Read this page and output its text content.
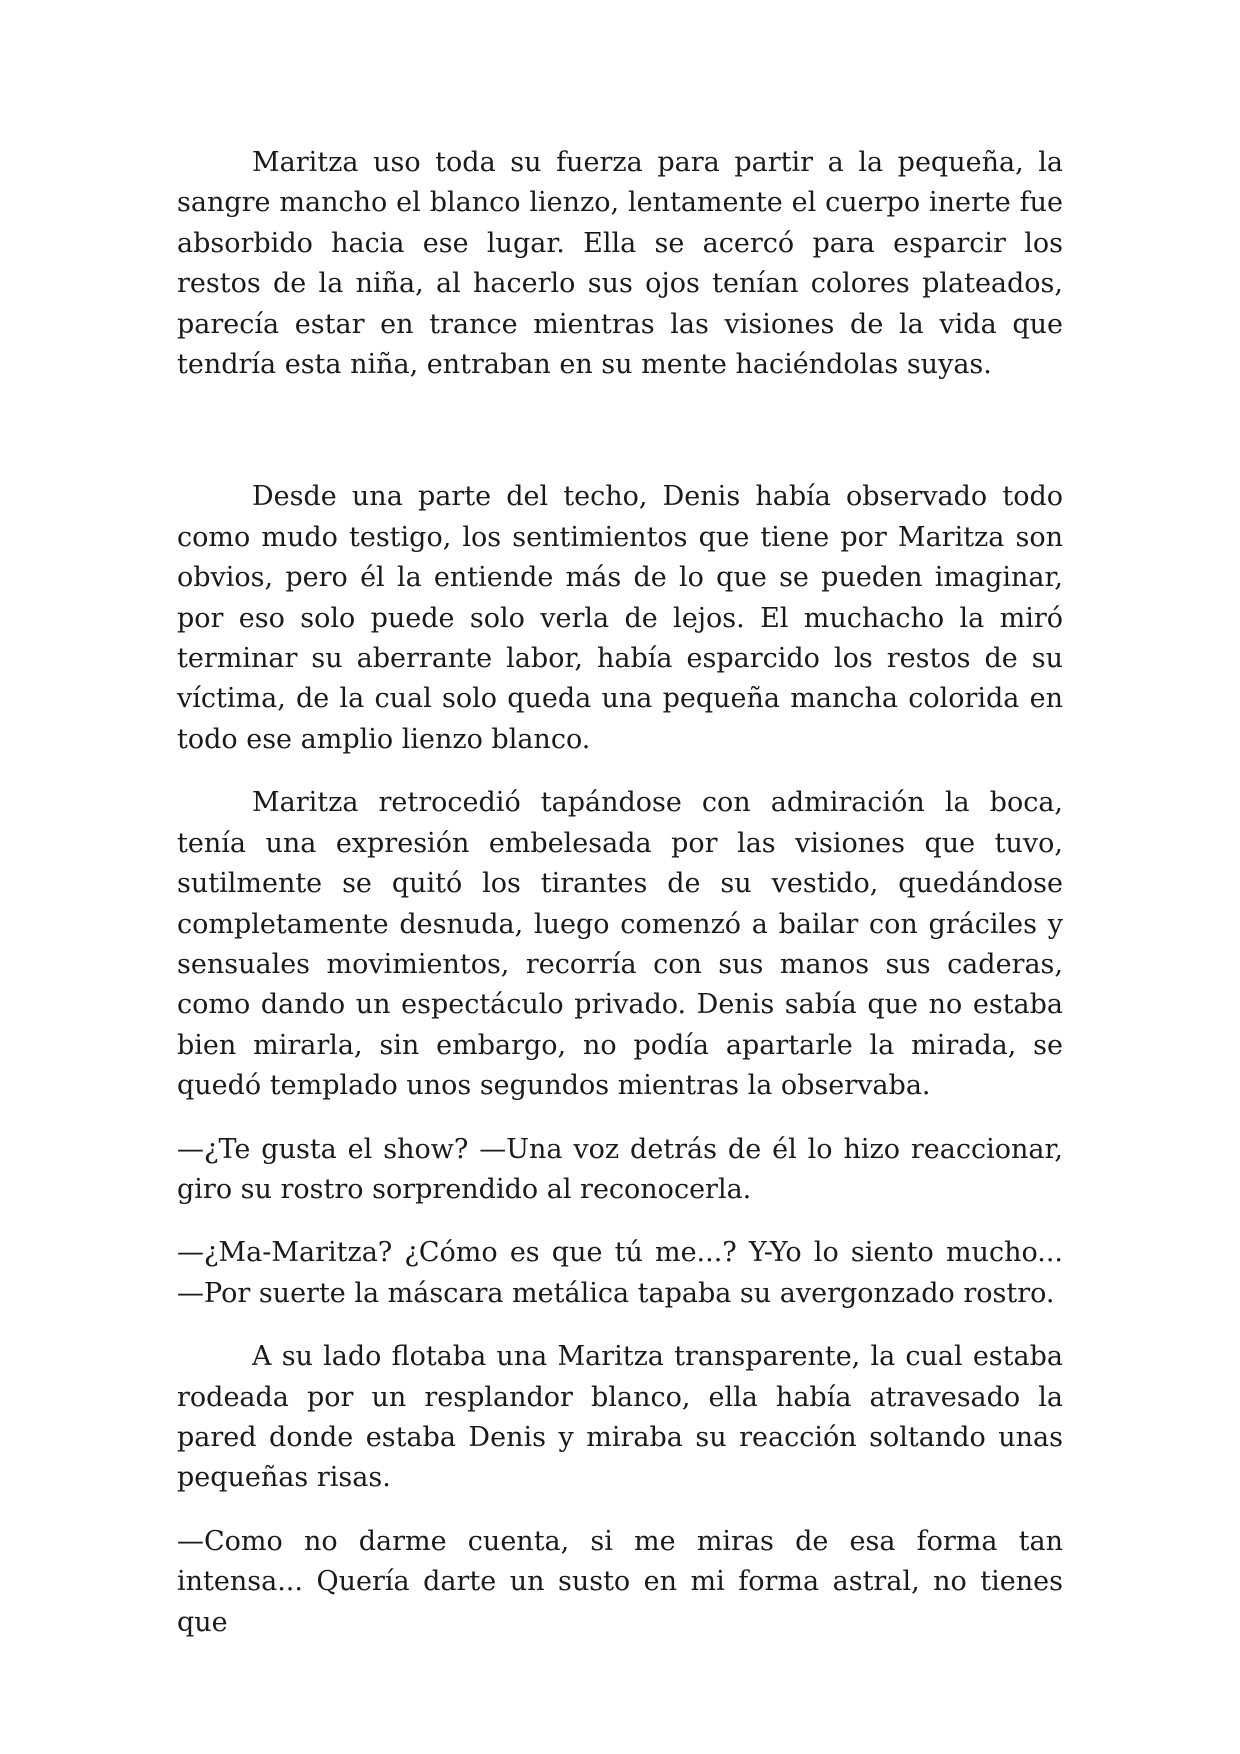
Maritza uso toda su fuerza para partir a la pequeña, la sangre mancho el blanco lienzo, lentamente el cuerpo inerte fue absorbido hacia ese lugar. Ella se acercó para esparcir los restos de la niña, al hacerlo sus ojos tenían colores plateados, parecía estar en trance mientras las visiones de la vida que tendría esta niña, entraban en su mente haciéndolas suyas.

Desde una parte del techo, Denis había observado todo como mudo testigo, los sentimientos que tiene por Maritza son obvios, pero él la entiende más de lo que se pueden imaginar, por eso solo puede solo verla de lejos. El muchacho la miró terminar su aberrante labor, había esparcido los restos de su víctima, de la cual solo queda una pequeña mancha colorida en todo ese amplio lienzo blanco.

Maritza retrocedió tapándose con admiración la boca, tenía una expresión embelesada por las visiones que tuvo, sutilmente se quitó los tirantes de su vestido, quedándose completamente desnuda, luego comenzó a bailar con gráciles y sensuales movimientos, recorría con sus manos sus caderas, como dando un espectáculo privado. Denis sabía que no estaba bien mirarla, sin embargo, no podía apartarle la mirada, se quedó templado unos segundos mientras la observaba.

—¿Te gusta el show? —Una voz detrás de él lo hizo reaccionar, giro su rostro sorprendido al reconocerla.

—¿Ma-Maritza? ¿Cómo es que tú me...? Y-Yo lo siento mucho... —Por suerte la máscara metálica tapaba su avergonzado rostro.

A su lado flotaba una Maritza transparente, la cual estaba rodeada por un resplandor blanco, ella había atravesado la pared donde estaba Denis y miraba su reacción soltando unas pequeñas risas.

—Como no darme cuenta, si me miras de esa forma tan intensa... Quería darte un susto en mi forma astral, no tienes que
